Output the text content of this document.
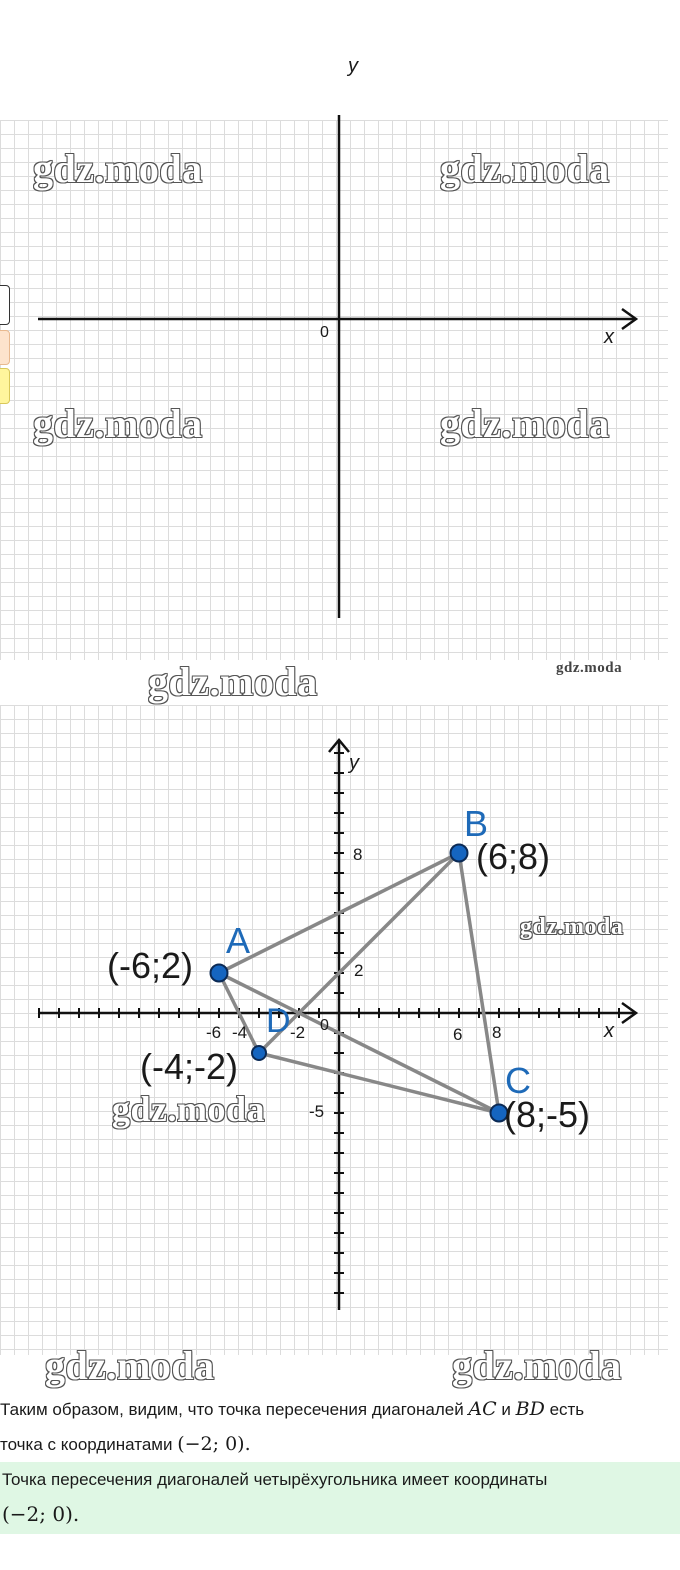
y
x
0
gdz.moda	gdz.moda
gdz.moda	gdz.moda
gdz.moda	gdz.moda
y
x
0
-6 -4	-2	6 8
8
2
-5
A
(-6;2)
B
(6;8)
C
(8;-5)
D
(-4;-2)
gdz.moda
gdz.moda
gdz.moda	gdz.moda
Таким образом, видим, что точка пересечения диагоналей AC и BD есть
точка с координатами (−2; 0).
Точка пересечения диагоналей четырёхугольника имеет координаты
(−2; 0).
